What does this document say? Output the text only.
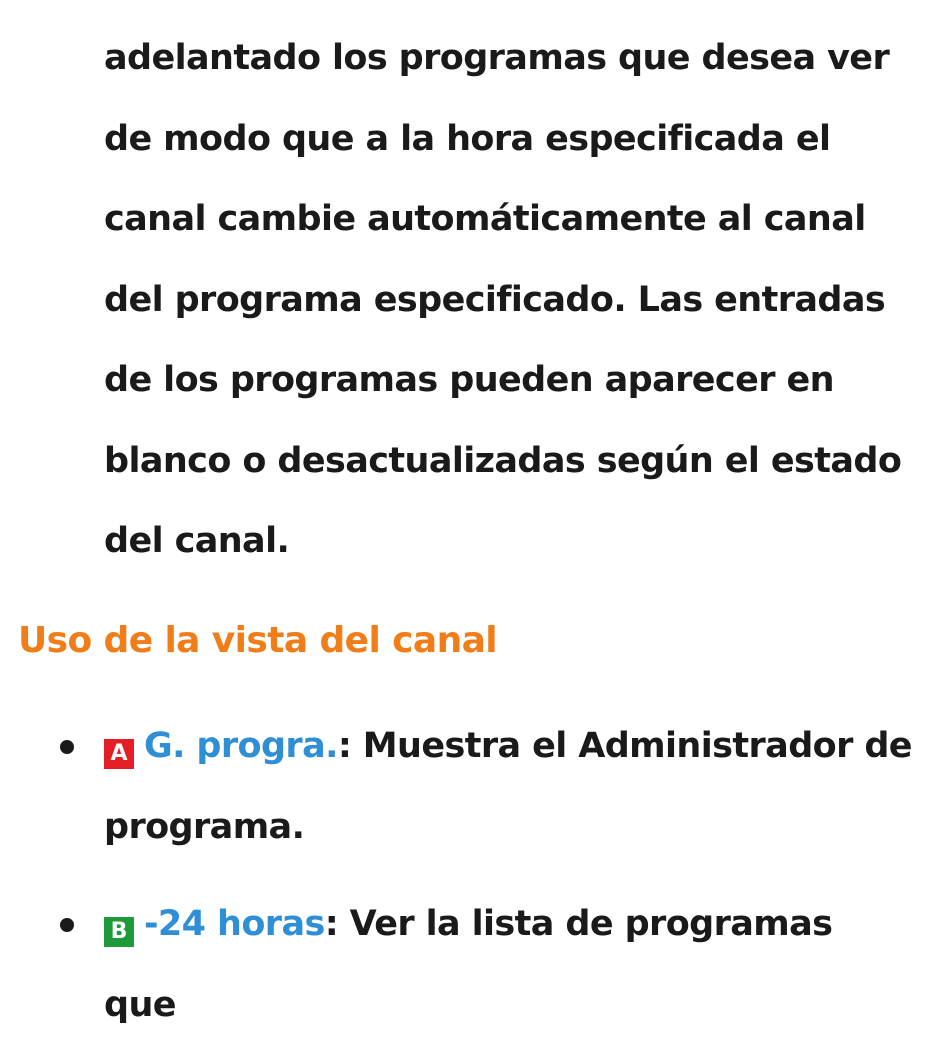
adelantado los programas que desea ver de modo que a la hora especificada el canal cambie automáticamente al canal del programa especificado. Las entradas de los programas pueden aparecer en blanco o desactualizadas según el estado del canal.

Uso de la vista del canal
A G. progra.: Muestra el Administrador de programa.
B -24 horas: Ver la lista de programas que
